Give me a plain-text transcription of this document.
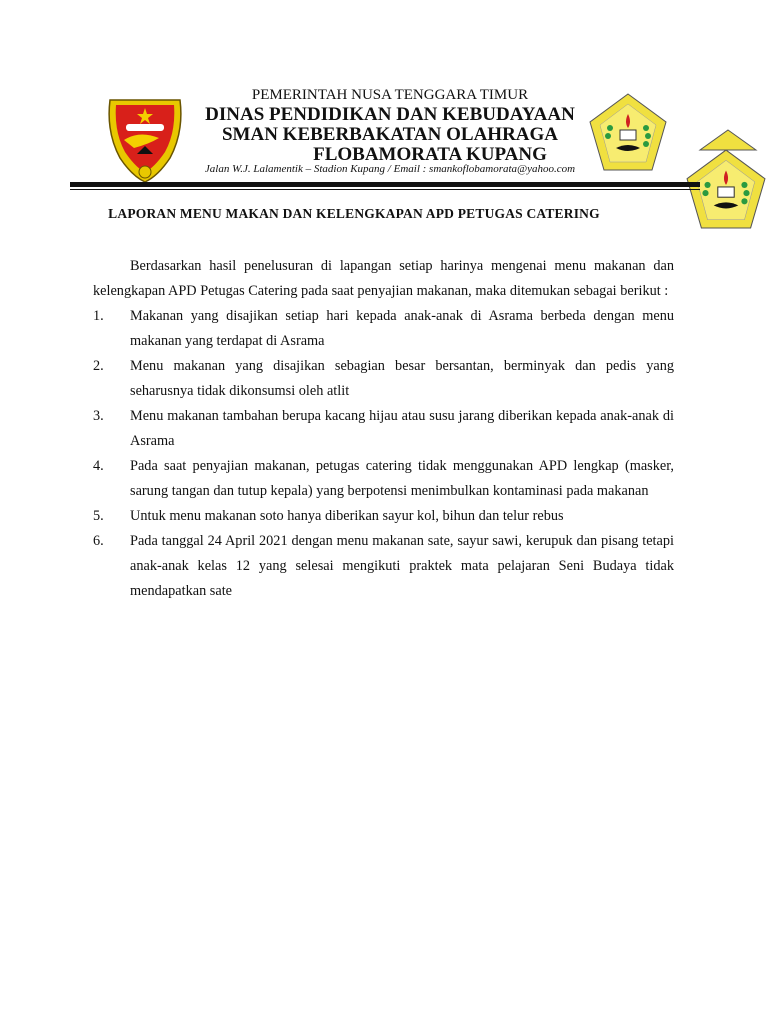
PEMERINTAH NUSA TENGGARA TIMUR
DINAS PENDIDIKAN DAN KEBUDAYAAN
SMAN KEBERBAKATAN OLAHRAGA
FLOBAMORATA KUPANG
Jalan W.J. Lalamentik – Stadion Kupang / Email : smankoflobamorata@yahoo.com
LAPORAN MENU MAKAN DAN KELENGKAPAN APD PETUGAS CATERING

Berdasarkan hasil penelusuran di lapangan setiap harinya mengenai menu makanan dan kelengkapan APD Petugas Catering pada saat penyajian makanan, maka ditemukan sebagai berikut :

1.	Makanan yang disajikan setiap hari kepada anak-anak di Asrama berbeda dengan menu makanan yang terdapat di Asrama
2.	Menu makanan yang disajikan sebagian besar bersantan, berminyak dan pedis yang seharusnya tidak dikonsumsi oleh atlit
3.	Menu makanan tambahan berupa kacang hijau atau susu jarang diberikan kepada anak-anak di Asrama
4.	Pada saat penyajian makanan, petugas catering tidak menggunakan APD lengkap (masker, sarung tangan dan tutup kepala) yang berpotensi menimbulkan kontaminasi pada makanan
5.	Untuk menu makanan soto hanya diberikan sayur kol, bihun dan telur rebus
6.	Pada tanggal 24 April 2021 dengan menu makanan sate, sayur sawi, kerupuk dan pisang tetapi anak-anak kelas 12 yang selesai mengikuti praktek mata pelajaran Seni Budaya tidak mendapatkan sate
